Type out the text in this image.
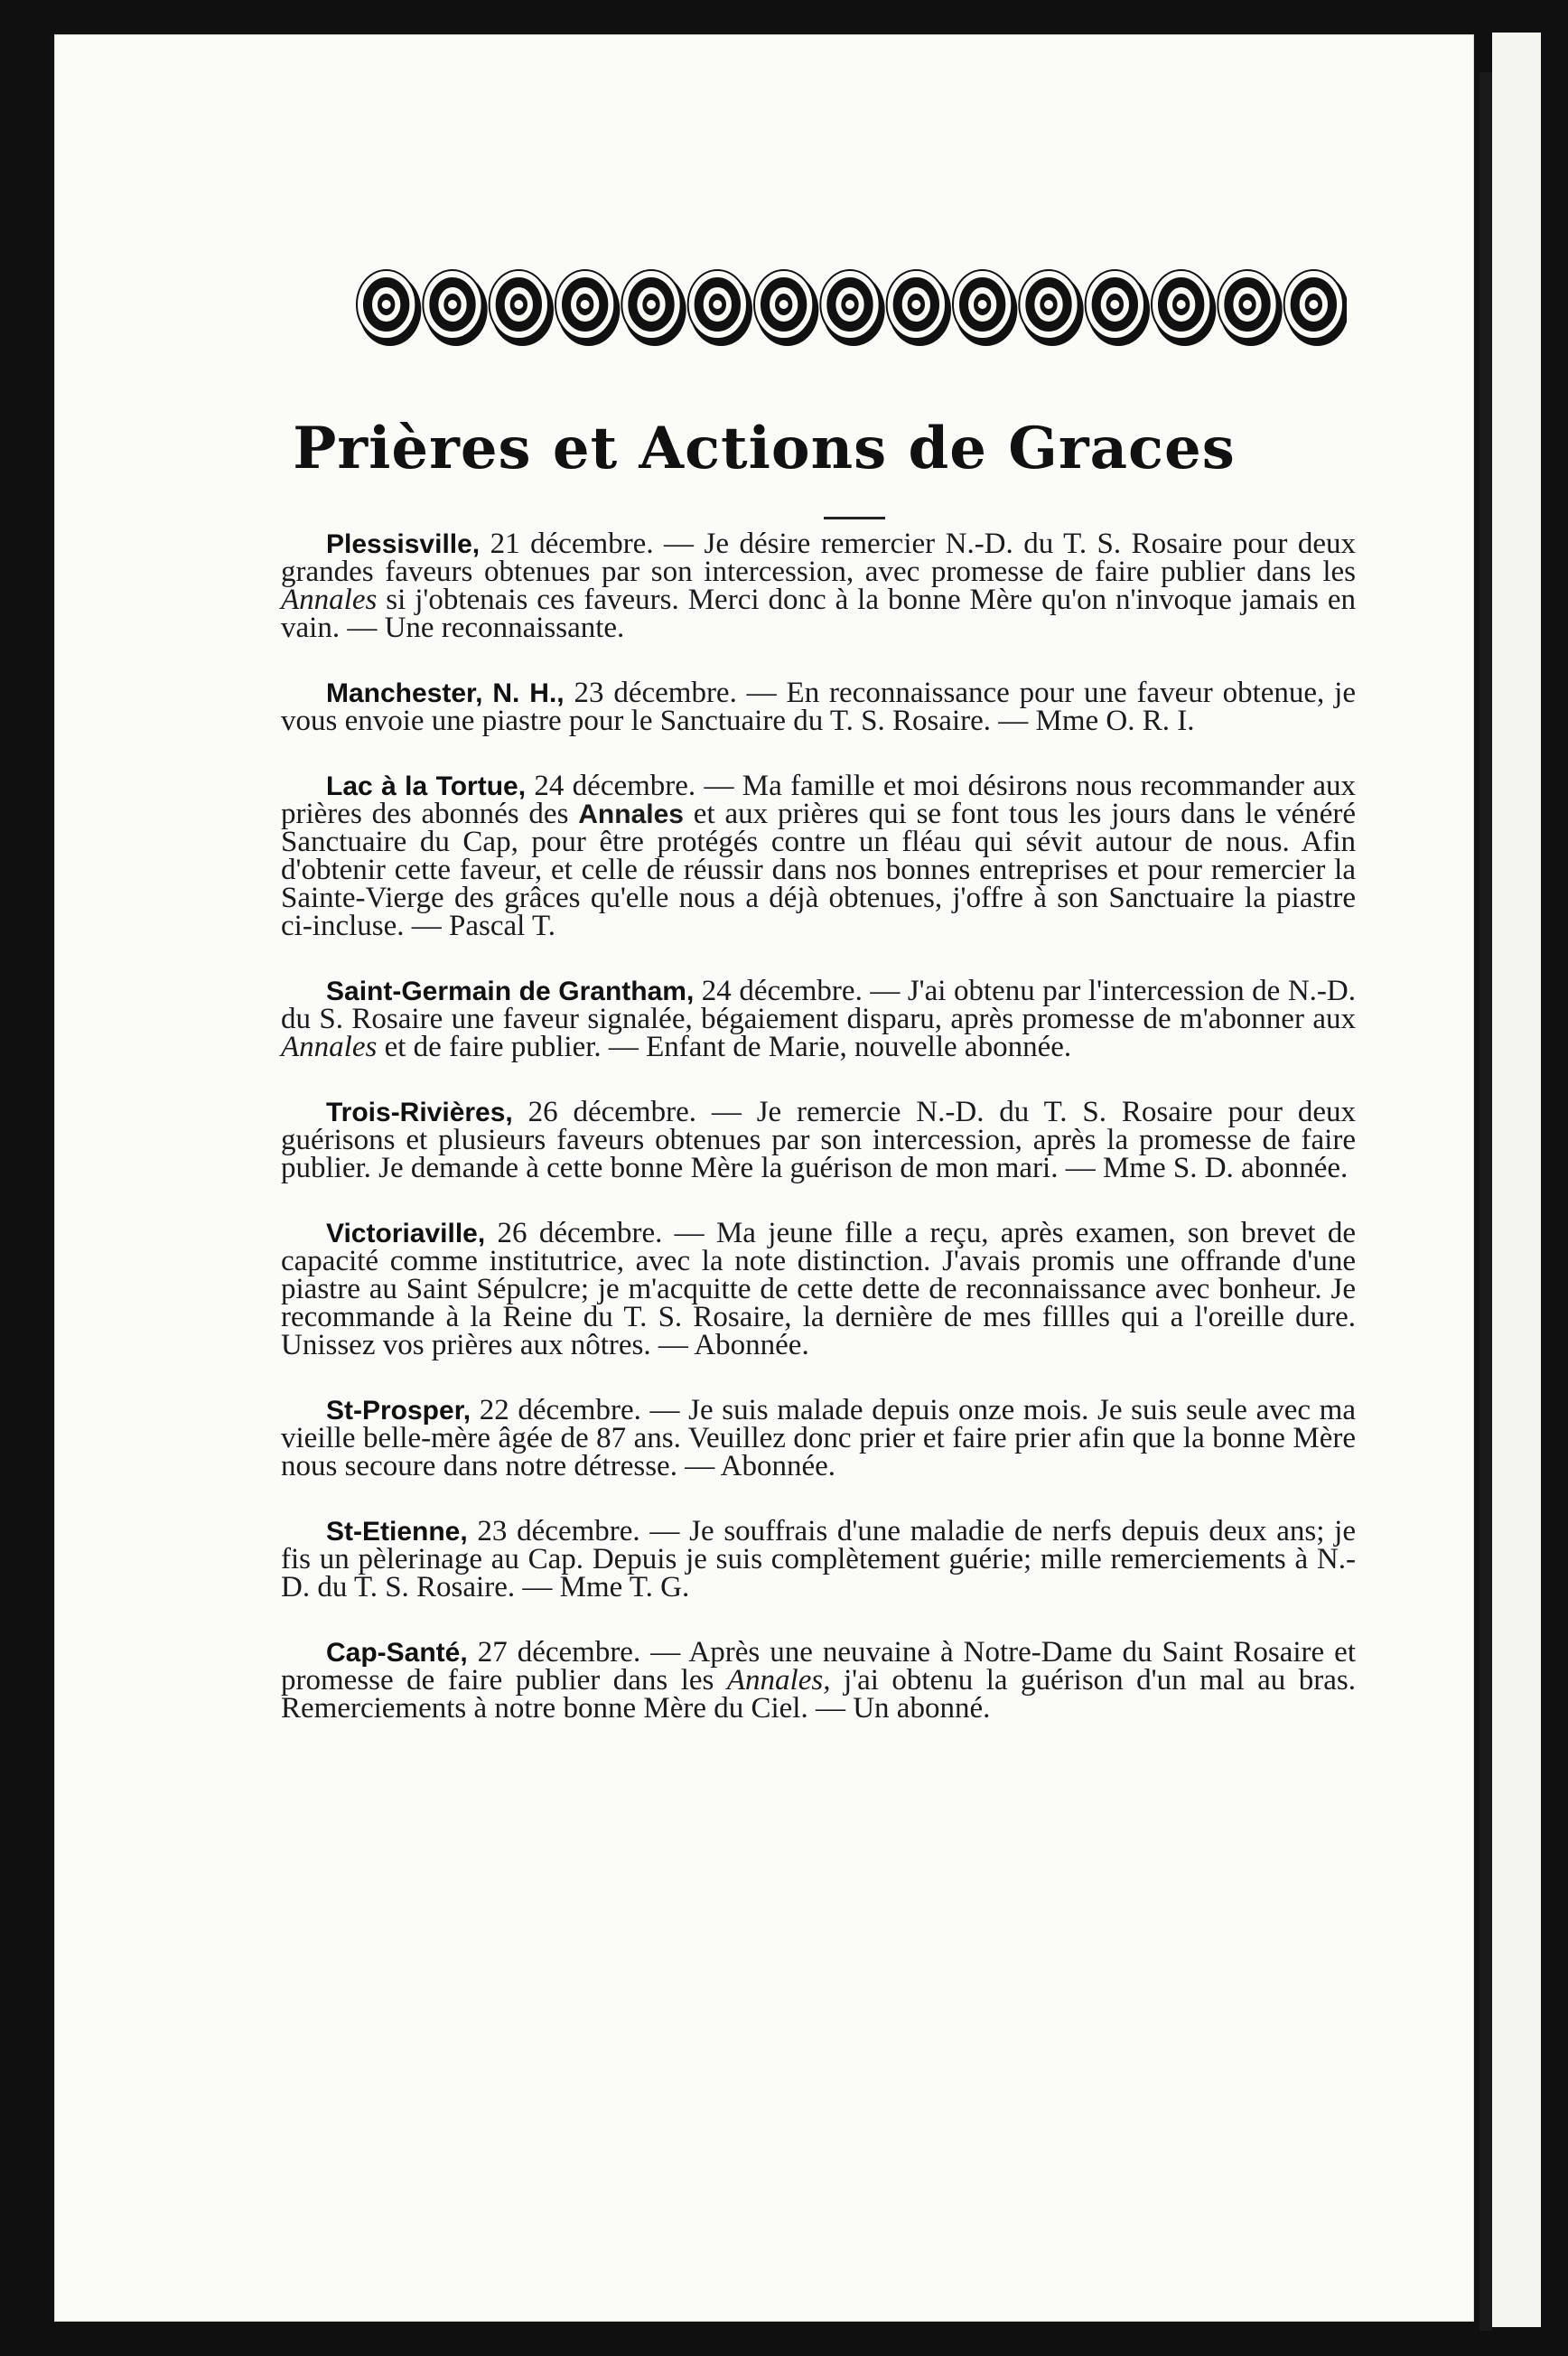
Prières et Actions de Graces

Plessisville, 21 décembre. — Je désire remercier N.-D. du T. S. Rosaire pour deux grandes faveurs obtenues par son intercession, avec promesse de faire publier dans les Annales si j'obtenais ces faveurs. Merci donc à la bonne Mère qu'on n'invoque jamais en vain. — Une reconnaissante.

Manchester, N. H., 23 décembre. — En reconnaissance pour une faveur obtenue, je vous envoie une piastre pour le Sanctuaire du T. S. Rosaire. — Mme O. R. I.

Lac à la Tortue, 24 décembre. — Ma famille et moi désirons nous recommander aux prières des abonnés des Annales et aux prières qui se font tous les jours dans le vénéré Sanctuaire du Cap, pour être protégés contre un fléau qui sévit autour de nous. Afin d'obtenir cette faveur, et celle de réussir dans nos bonnes entreprises et pour remercier la Sainte-Vierge des grâces qu'elle nous a déjà obtenues, j'offre à son Sanctuaire la piastre ci-incluse. — Pascal T.

Saint-Germain de Grantham, 24 décembre. — J'ai obtenu par l'intercession de N.-D. du S. Rosaire une faveur signalée, bégaiement disparu, après promesse de m'abonner aux Annales et de faire publier. — Enfant de Marie, nouvelle abonnée.

Trois-Rivières, 26 décembre. — Je remercie N.-D. du T. S. Rosaire pour deux guérisons et plusieurs faveurs obtenues par son intercession, après la promesse de faire publier. Je demande à cette bonne Mère la guérison de mon mari. — Mme S. D. abonnée.

Victoriaville, 26 décembre. — Ma jeune fille a reçu, après examen, son brevet de capacité comme institutrice, avec la note distinction. J'avais promis une offrande d'une piastre au Saint Sépulcre; je m'acquitte de cette dette de reconnaissance avec bonheur. Je recommande à la Reine du T. S. Rosaire, la dernière de mes fillles qui a l'oreille dure. Unissez vos prières aux nôtres. — Abonnée.

St-Prosper, 22 décembre. — Je suis malade depuis onze mois. Je suis seule avec ma vieille belle-mère âgée de 87 ans. Veuillez donc prier et faire prier afin que la bonne Mère nous secoure dans notre détresse. — Abonnée.

St-Etienne, 23 décembre. — Je souffrais d'une maladie de nerfs depuis deux ans; je fis un pèlerinage au Cap. Depuis je suis complètement guérie; mille remerciements à N.-D. du T. S. Rosaire. — Mme T. G.

Cap-Santé, 27 décembre. — Après une neuvaine à Notre-Dame du Saint Rosaire et promesse de faire publier dans les Annales, j'ai obtenu la guérison d'un mal au bras. Remerciements à notre bonne Mère du Ciel. — Un abonné.
